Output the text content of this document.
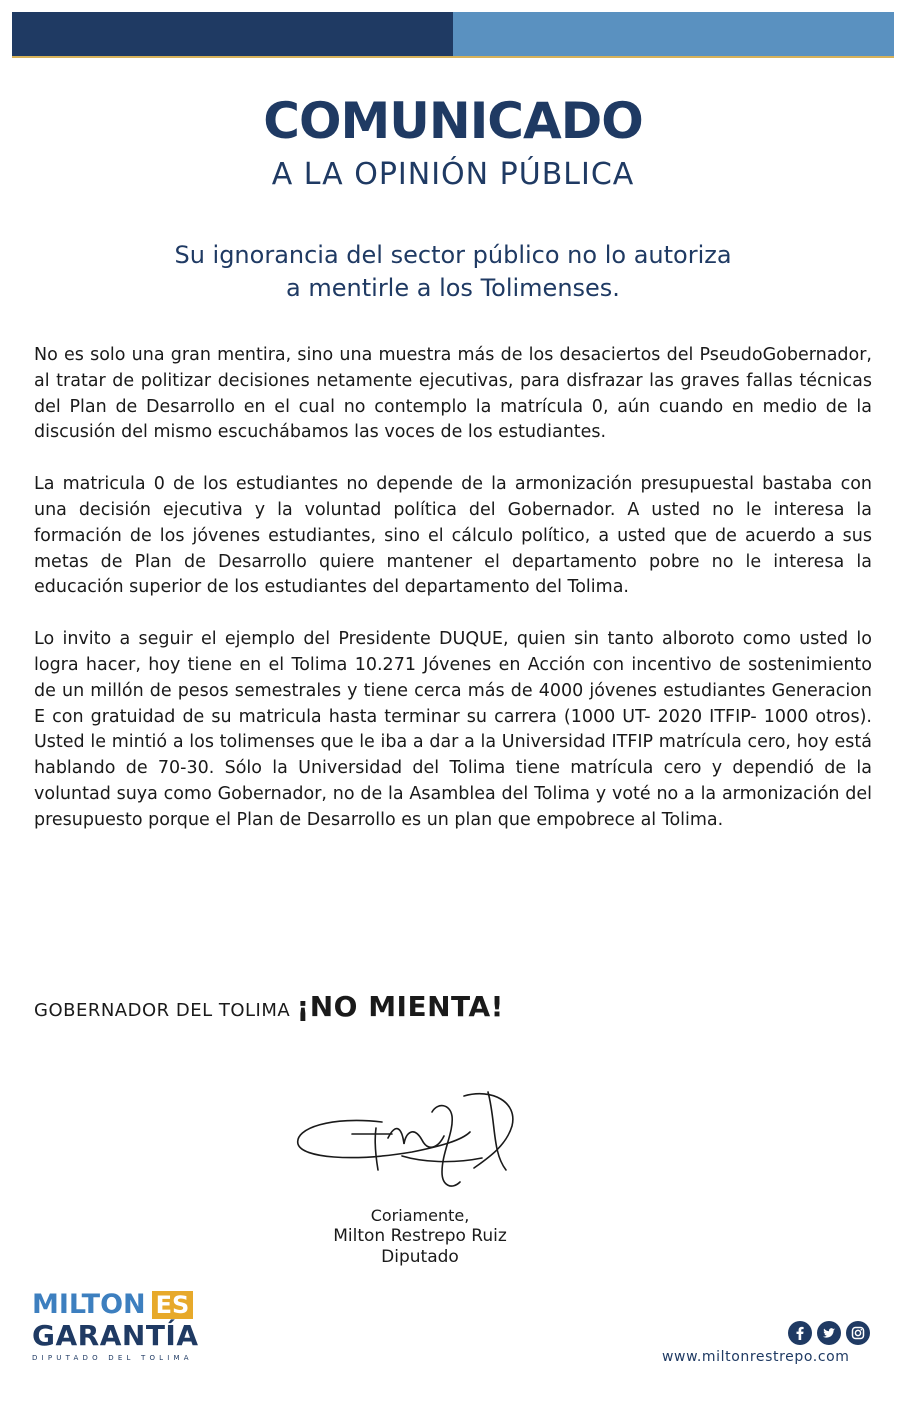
COMUNICADO
A LA OPINIÓN PÚBLICA
Su ignorancia del sector público no lo autoriza
a mentirle a los Tolimenses.

No es solo una gran mentira, sino una muestra más de los desaciertos del PseudoGobernador, al tratar de politizar decisiones netamente ejecutivas, para disfrazar las graves fallas técnicas del Plan de Desarrollo en el cual no contemplo la matrícula 0, aún cuando en medio de la discusión del mismo escuchábamos las voces de los estudiantes.

La matricula 0 de los estudiantes no depende de la armonización presupuestal bastaba con una decisión ejecutiva y la voluntad política del Gobernador. A usted no le interesa la formación de los jóvenes estudiantes, sino el cálculo político, a usted que de acuerdo a sus metas de Plan de Desarrollo quiere mantener el departamento pobre no le interesa la educación superior de los estudiantes del departamento del Tolima.

Lo invito a seguir el ejemplo del Presidente DUQUE, quien sin tanto alboroto como usted lo logra hacer, hoy tiene en el Tolima 10.271 Jóvenes en Acción con incentivo de sostenimiento de un millón de pesos semestrales y tiene cerca más de 4000 jóvenes estudiantes Generacion E con gratuidad de su matricula hasta terminar su carrera (1000 UT- 2020 ITFIP- 1000 otros). Usted le mintió a los tolimenses que le iba a dar a la Universidad ITFIP matrícula cero, hoy está hablando de 70-30. Sólo la Universidad del Tolima tiene matrícula cero y dependió de la voluntad suya como Gobernador, no de la Asamblea del Tolima y voté no a la armonización del presupuesto porque el Plan de Desarrollo es un plan que empobrece al Tolima.

GOBERNADOR DEL TOLIMA ¡NO MIENTA!
Coriamente,
Milton Restrepo Ruiz
Diputado
MILTON ES
GARANTÍA
DIPUTADO DEL TOLIMA	www.miltonrestrepo.com
